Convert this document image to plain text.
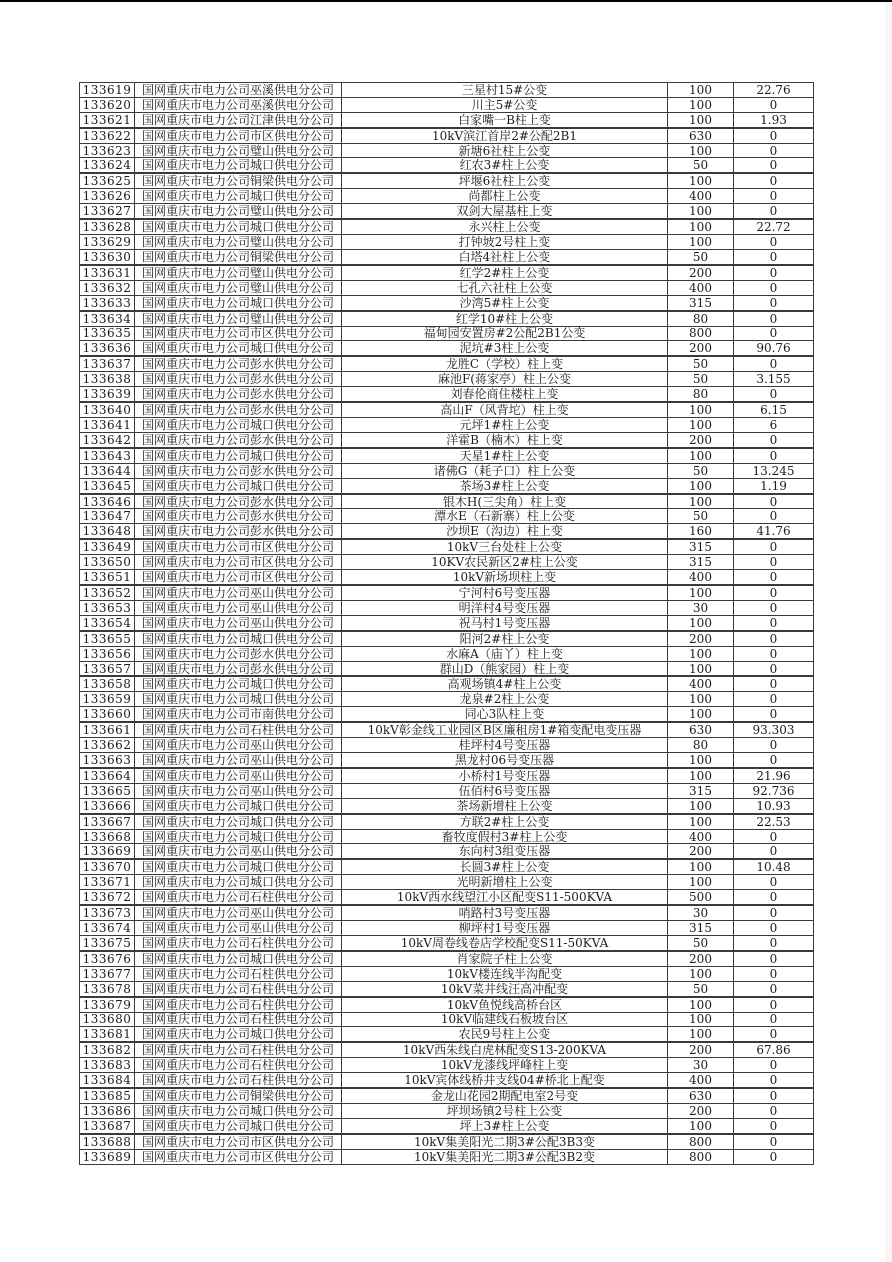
133619	国网重庆市电力公司巫溪供电分公司	三星村15#公变	100	22.76
133620	国网重庆市电力公司巫溪供电分公司	川主5#公变	100	0
133621	国网重庆市电力公司江津供电分公司	白家嘴一B柱上变	100	1.93
133622	国网重庆市电力公司市区供电分公司	10kV滨江首岸2#公配2B1	630	0
133623	国网重庆市电力公司璧山供电分公司	新塘6社柱上公变	100	0
133624	国网重庆市电力公司城口供电分公司	红农3#柱上公变	50	0
133625	国网重庆市电力公司铜梁供电分公司	坪堰6社柱上公变	100	0
133626	国网重庆市电力公司城口供电分公司	尚都柱上公变	400	0
133627	国网重庆市电力公司璧山供电分公司	双剑大屋基柱上变	100	0
133628	国网重庆市电力公司城口供电分公司	永兴柱上公变	100	22.72
133629	国网重庆市电力公司璧山供电分公司	打钟坡2号柱上变	100	0
133630	国网重庆市电力公司铜梁供电分公司	白塔4社柱上公变	50	0
133631	国网重庆市电力公司璧山供电分公司	红学2#柱上公变	200	0
133632	国网重庆市电力公司璧山供电分公司	七孔六社柱上公变	400	0
133633	国网重庆市电力公司城口供电分公司	沙湾5#柱上公变	315	0
133634	国网重庆市电力公司璧山供电分公司	红学10#柱上公变	80	0
133635	国网重庆市电力公司市区供电分公司	福甸园安置房#2公配2B1公变	800	0
133636	国网重庆市电力公司城口供电分公司	泥坑#3柱上公变	200	90.76
133637	国网重庆市电力公司彭水供电分公司	龙胜C（学校）柱上变	50	0
133638	国网重庆市电力公司彭水供电分公司	麻池F(蒋家亭）柱上公变	50	3.155
133639	国网重庆市电力公司彭水供电分公司	刘春伦商住楼柱上变	80	0
133640	国网重庆市电力公司彭水供电分公司	高山F（风背坨）柱上变	100	6.15
133641	国网重庆市电力公司城口供电分公司	元坪1#柱上公变	100	6
133642	国网重庆市电力公司彭水供电分公司	洋霍B（楠木）柱上变	200	0
133643	国网重庆市电力公司城口供电分公司	天星1#柱上公变	100	0
133644	国网重庆市电力公司彭水供电分公司	诸佛G（耗子口）柱上公变	50	13.245
133645	国网重庆市电力公司城口供电分公司	茶场3#柱上公变	100	1.19
133646	国网重庆市电力公司彭水供电分公司	银木H(三尖角）柱上变	100	0
133647	国网重庆市电力公司彭水供电分公司	潭水E（石新寨）柱上公变	50	0
133648	国网重庆市电力公司彭水供电分公司	沙坝E（沟边）柱上变	160	41.76
133649	国网重庆市电力公司市区供电分公司	10kV三台处柱上公变	315	0
133650	国网重庆市电力公司市区供电分公司	10KV农民新区2#柱上公变	315	0
133651	国网重庆市电力公司市区供电分公司	10kV新场坝柱上变	400	0
133652	国网重庆市电力公司巫山供电分公司	宁河村6号变压器	100	0
133653	国网重庆市电力公司巫山供电分公司	明洋村4号变压器	30	0
133654	国网重庆市电力公司巫山供电分公司	祝马村1号变压器	100	0
133655	国网重庆市电力公司城口供电分公司	阳河2#柱上公变	200	0
133656	国网重庆市电力公司彭水供电分公司	水麻A（庙丫）柱上变	100	0
133657	国网重庆市电力公司彭水供电分公司	群山D（熊家园）柱上变	100	0
133658	国网重庆市电力公司城口供电分公司	高观场镇4#柱上公变	400	0
133659	国网重庆市电力公司城口供电分公司	龙泉#2柱上公变	100	0
133660	国网重庆市电力公司市南供电分公司	同心3队柱上变	100	0
133661	国网重庆市电力公司石柱供电分公司	10kV彰金线工业园区B区廉租房1#箱变配电变压器	630	93.303
133662	国网重庆市电力公司巫山供电分公司	桂坪村4号变压器	80	0
133663	国网重庆市电力公司巫山供电分公司	黑龙村06号变压器	100	0
133664	国网重庆市电力公司巫山供电分公司	小桥村1号变压器	100	21.96
133665	国网重庆市电力公司巫山供电分公司	伍佰村6号变压器	315	92.736
133666	国网重庆市电力公司城口供电分公司	茶场新增柱上公变	100	10.93
133667	国网重庆市电力公司城口供电分公司	方联2#柱上公变	100	22.53
133668	国网重庆市电力公司城口供电分公司	畜牧度假村3#柱上公变	400	0
133669	国网重庆市电力公司巫山供电分公司	东向村3组变压器	200	0
133670	国网重庆市电力公司城口供电分公司	长圆3#柱上公变	100	10.48
133671	国网重庆市电力公司城口供电分公司	光明新增柱上公变	100	0
133672	国网重庆市电力公司石柱供电分公司	10kV西水线望江小区配变S11-500KVA	500	0
133673	国网重庆市电力公司巫山供电分公司	哨路村3号变压器	30	0
133674	国网重庆市电力公司巫山供电分公司	柳坪村1号变压器	315	0
133675	国网重庆市电力公司石柱供电分公司	10kV周卷线卷店学校配变S11-50KVA	50	0
133676	国网重庆市电力公司城口供电分公司	肖家院子柱上公变	200	0
133677	国网重庆市电力公司石柱供电分公司	10kV楼连线半沟配变	100	0
133678	国网重庆市电力公司石柱供电分公司	10kV菜井线汪高冲配变	50	0
133679	国网重庆市电力公司石柱供电分公司	10kV鱼悦线高桥台区	100	0
133680	国网重庆市电力公司石柱供电分公司	10kV临建线石板坡台区	100	0
133681	国网重庆市电力公司城口供电分公司	农民9号柱上公变	100	0
133682	国网重庆市电力公司石柱供电分公司	10kV西朱线白虎林配变S13-200KVA	200	67.86
133683	国网重庆市电力公司石柱供电分公司	10kV龙漆线坪峰柱上变	30	0
133684	国网重庆市电力公司石柱供电分公司	10kV宾体线桥井支线04#桥北上配变	400	0
133685	国网重庆市电力公司铜梁供电分公司	金龙山花园2期配电室2号变	630	0
133686	国网重庆市电力公司城口供电分公司	坪坝场镇2号柱上公变	200	0
133687	国网重庆市电力公司城口供电分公司	坪上3#柱上公变	100	0
133688	国网重庆市电力公司市区供电分公司	10kV集美阳光二期3#公配3B3变	800	0
133689	国网重庆市电力公司市区供电分公司	10kV集美阳光二期3#公配3B2变	800	0
